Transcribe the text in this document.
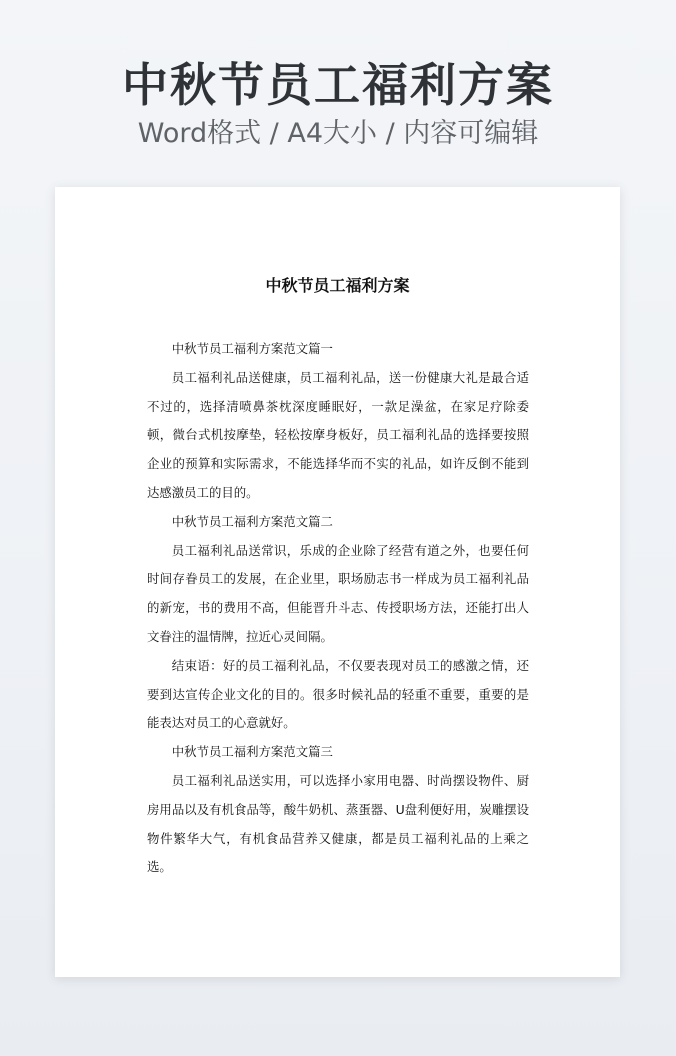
中秋节员工福利方案
Word格式 / A4大小 / 内容可编辑
中秋节员工福利方案

中秋节员工福利方案范文篇一

员工福利礼品送健康，员工福利礼品，送一份健康大礼是最合适不过的，选择清喷鼻茶枕深度睡眠好，一款足澡盆，在家足疗除委顿，微台式机按摩垫，轻松按摩身板好，员工福利礼品的选择要按照企业的预算和实际需求，不能选择华而不实的礼品，如许反倒不能到达感激员工的目的。

中秋节员工福利方案范文篇二

员工福利礼品送常识，乐成的企业除了经营有道之外，也要任何时间存眷员工的发展，在企业里，职场励志书一样成为员工福利礼品的新宠，书的费用不高，但能晋升斗志、传授职场方法，还能打出人文眷注的温情牌，拉近心灵间隔。

结束语：好的员工福利礼品，不仅要表现对员工的感激之情，还要到达宣传企业文化的目的。很多时候礼品的轻重不重要，重要的是能表达对员工的心意就好。

中秋节员工福利方案范文篇三

员工福利礼品送实用，可以选择小家用电器、时尚摆设物件、厨房用品以及有机食品等，酸牛奶机、蒸蛋器、U盘利便好用，炭雕摆设物件繁华大气，有机食品营养又健康，都是员工福利礼品的上乘之选。
